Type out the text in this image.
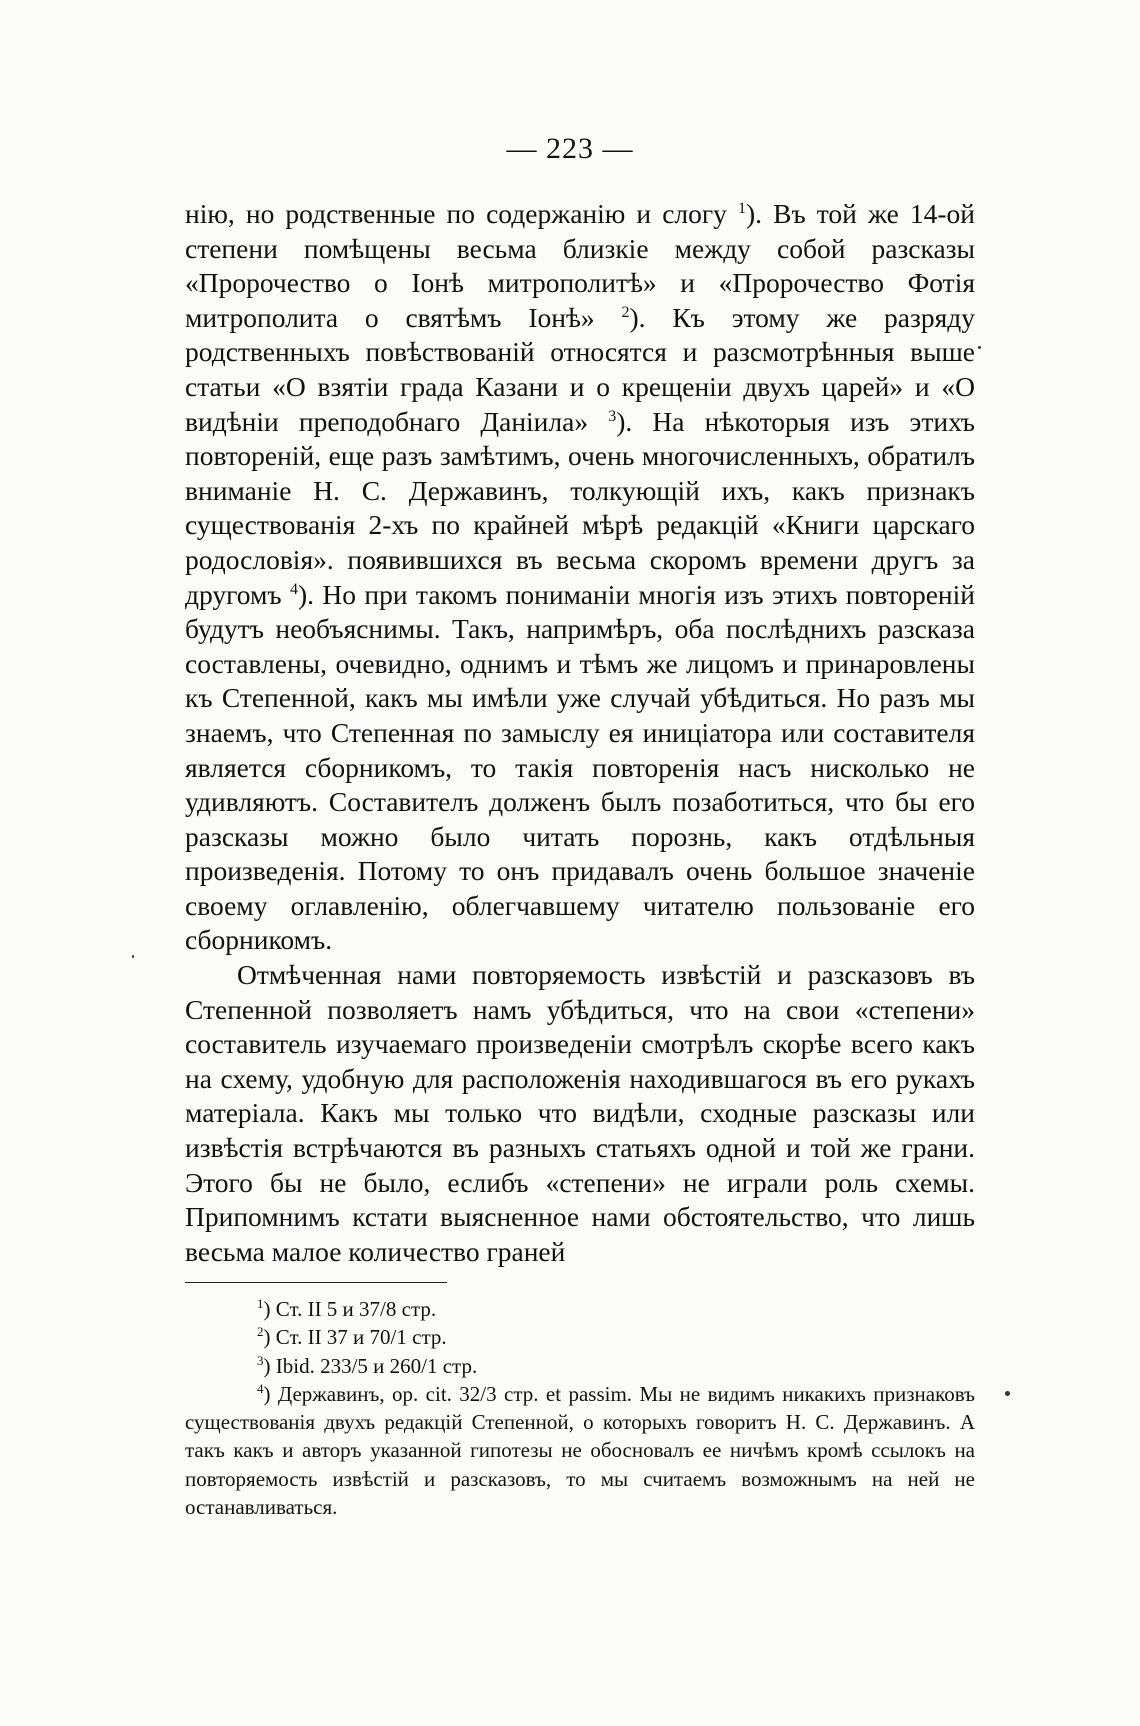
— 223 —

нію, но родственные по содержанію и слогу $^1$). Въ той же 14-ой степени помѣщены весьма близкіе между собой разсказы «Пророчество о Іонѣ митрополитѣ» и «Пророчество Фотія митрополита о святѣмъ Іонѣ» $^2$). Къ этому же разряду родственныхъ повѣствованій относятся и разсмотрѣнныя выше статьи «О взятіи града Казани и о крещеніи двухъ царей» и «О видѣніи преподобнаго Даніила» $^3$). На нѣкоторыя изъ этихъ повтореній, еще разъ замѣтимъ, очень многочисленныхъ, обратилъ вниманіе Н. С. Державинъ, толкующій ихъ, какъ признакъ существованія 2-хъ по крайней мѣрѣ редакцій «Книги царскаго родословія». появившихся въ весьма скоромъ времени другъ за другомъ $^4$). Но при такомъ пониманіи многія изъ этихъ повтореній будутъ необъяснимы. Такъ, напримѣръ, оба послѣднихъ разсказа составлены, очевидно, однимъ и тѣмъ же лицомъ и принаровлены къ Степенной, какъ мы имѣли уже случай убѣдиться. Но разъ мы знаемъ, что Степенная по замыслу ея иниціатора или составителя является сборникомъ, то такія повторенія насъ нисколько не удивляютъ. Составителъ долженъ былъ позаботиться, что бы его разсказы можно было читать порознь, какъ отдѣльныя произведенія. Потому то онъ придавалъ очень большое значеніе своему оглавленію, облегчавшему читателю пользованіе его сборникомъ.

Отмѣченная нами повторяемость извѣстій и разсказовъ въ Степенной позволяетъ намъ убѣдиться, что на свои «степени» составитель изучаемаго произведеніи смотрѣлъ скорѣе всего какъ на схему, удобную для расположенія находившагося въ его рукахъ матеріала. Какъ мы только что видѣли, сходные разсказы или извѣстія встрѣчаются въ разныхъ статьяхъ одной и той же грани. Этого бы не было, еслибъ «степени» не играли роль схемы. Припомнимъ кстати выясненное нами обстоятельство, что лишь весьма малое количество граней

$^1$) Ст. II 5 и 37/8 стр.

$^2$) Ст. II 37 и 70/1 стр.

$^3$) Ibid. 233/5 и 260/1 стр.

$^4$) Державинъ, op. cit. 32/3 стр. et passim. Мы не видимъ никакихъ признаковъ существованія двухъ редакцій Степенной, о которыхъ говоритъ Н. С. Державинъ. А такъ какъ и авторъ указанной гипотезы не обосновалъ ее ничѣмъ кромѣ ссылокъ на повторяемость извѣстій и разсказовъ, то мы считаемъ возможнымъ на ней не останавливаться.
